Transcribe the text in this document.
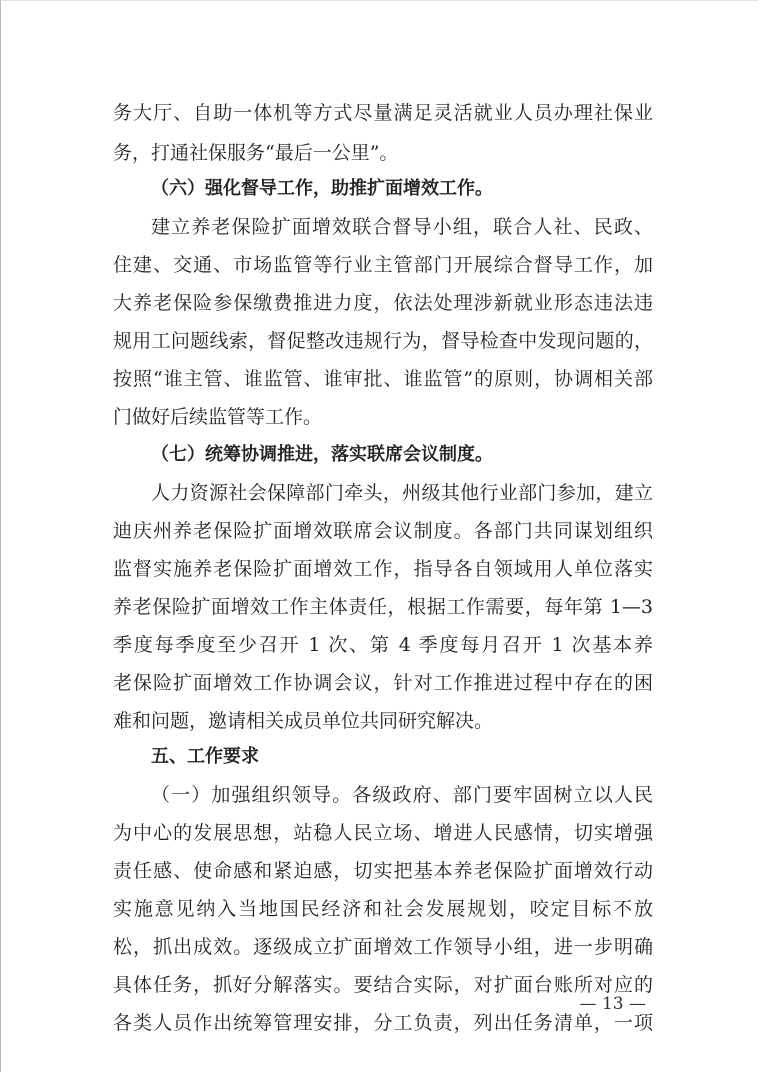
务大厅、自助一体机等方式尽量满足灵活就业人员办理社保业
务，打通社保服务“最后一公里”。
（六）强化督导工作，助推扩面增效工作。
建立养老保险扩面增效联合督导小组，联合人社、民政、
住建、交通、市场监管等行业主管部门开展综合督导工作，加
大养老保险参保缴费推进力度，依法处理涉新就业形态违法违
规用工问题线索，督促整改违规行为，督导检查中发现问题的，
按照“谁主管、谁监管、谁审批、谁监管”的原则，协调相关部
门做好后续监管等工作。
（七）统筹协调推进，落实联席会议制度。
人力资源社会保障部门牵头，州级其他行业部门参加，建立
迪庆州养老保险扩面增效联席会议制度。各部门共同谋划组织
监督实施养老保险扩面增效工作，指导各自领域用人单位落实
养老保险扩面增效工作主体责任，根据工作需要，每年第 1—3
季度每季度至少召开 1 次、第 4 季度每月召开 1 次基本养
老保险扩面增效工作协调会议，针对工作推进过程中存在的困
难和问题，邀请相关成员单位共同研究解决。
五、工作要求
（一）加强组织领导。各级政府、部门要牢固树立以人民
为中心的发展思想，站稳人民立场、增进人民感情，切实增强
责任感、使命感和紧迫感，切实把基本养老保险扩面增效行动
实施意见纳入当地国民经济和社会发展规划，咬定目标不放
松，抓出成效。逐级成立扩面增效工作领导小组，进一步明确
具体任务，抓好分解落实。要结合实际，对扩面台账所对应的
各类人员作出统筹管理安排，分工负责，列出任务清单，一项
— 13 —
